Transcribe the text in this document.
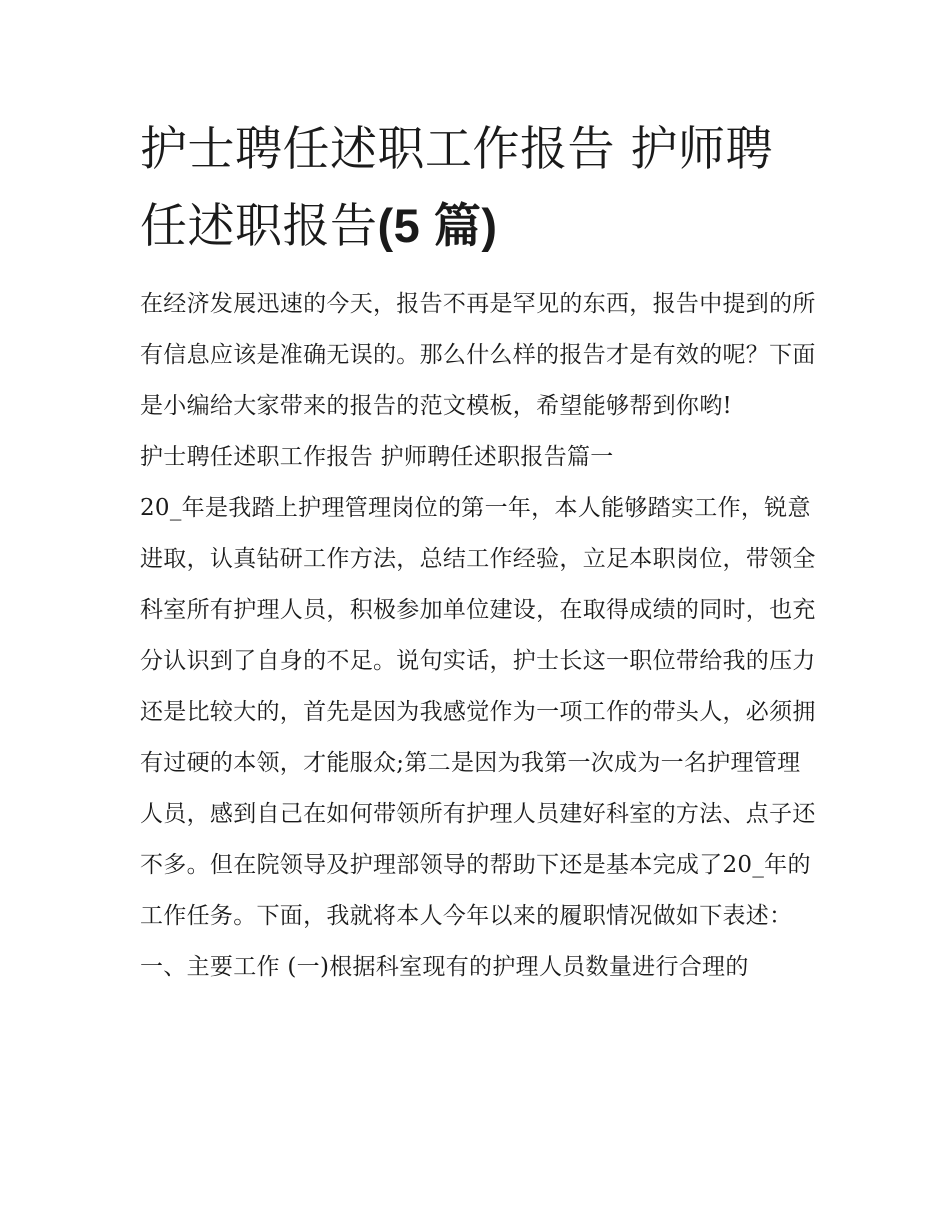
护士聘任述职工作报告 护师聘
任述职报告(5 篇)

在经济发展迅速的今天，报告不再是罕见的东西，报告中提到的所有信息应该是准确无误的。那么什么样的报告才是有效的呢？下面是小编给大家带来的报告的范文模板，希望能够帮到你哟!

护士聘任述职工作报告 护师聘任述职报告篇一

20_年是我踏上护理管理岗位的第一年，本人能够踏实工作，锐意进取，认真钻研工作方法，总结工作经验，立足本职岗位，带领全科室所有护理人员，积极参加单位建设，在取得成绩的同时，也充分认识到了自身的不足。说句实话，护士长这一职位带给我的压力还是比较大的，首先是因为我感觉作为一项工作的带头人，必须拥有过硬的本领，才能服众;第二是因为我第一次成为一名护理管理人员，感到自己在如何带领所有护理人员建好科室的方法、点子还不多。但在院领导及护理部领导的帮助下还是基本完成了20_年的工作任务。下面，我就将本人今年以来的履职情况做如下表述：

一、主要工作 (一)根据科室现有的护理人员数量进行合理的
